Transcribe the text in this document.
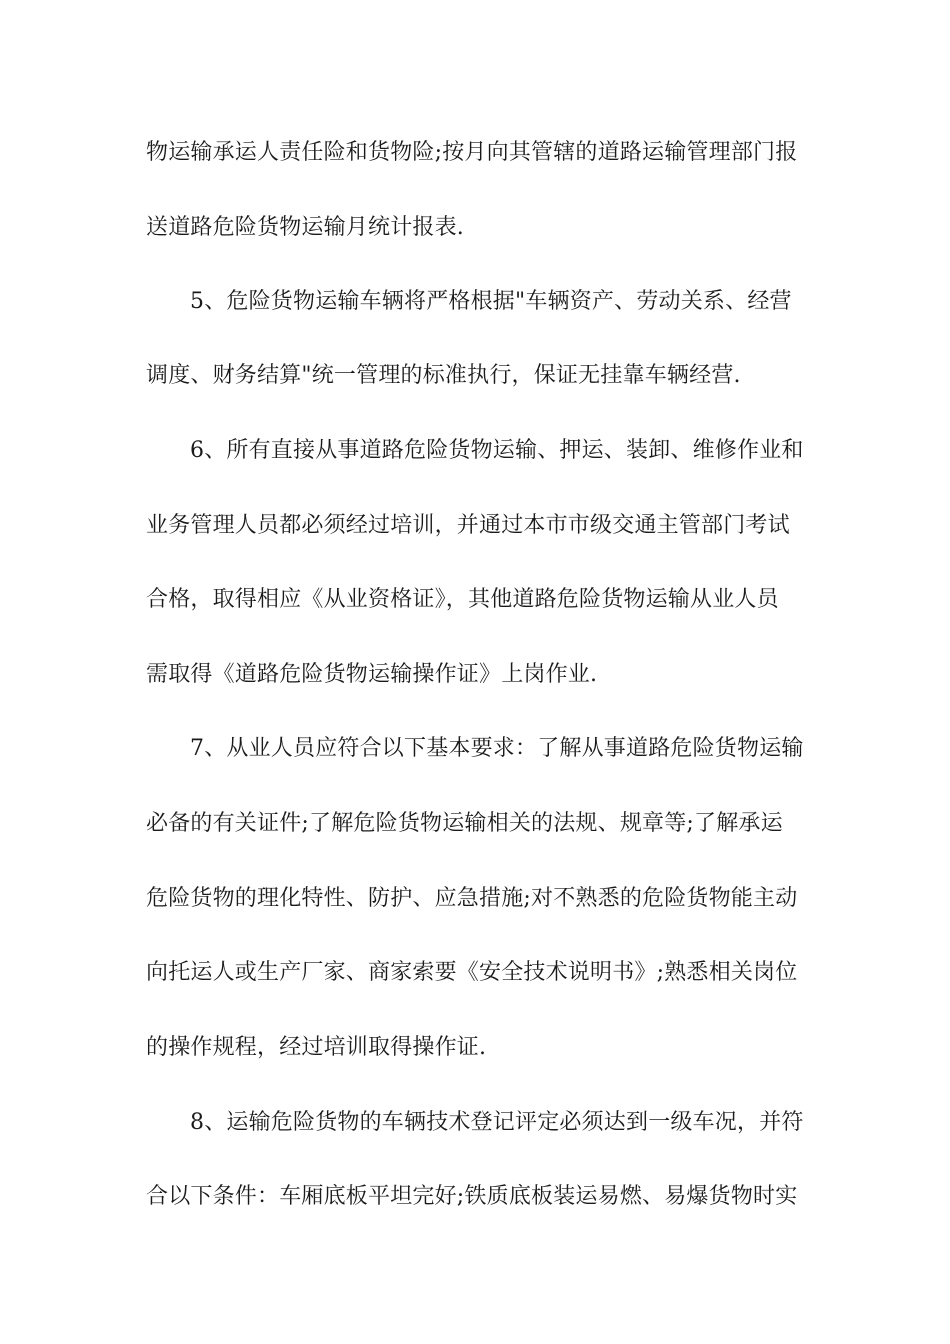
物运输承运人责任险和货物险;按月向其管辖的道路运输管理部门报
送道路危险货物运输月统计报表.
5、危险货物运输车辆将严格根据"车辆资产、劳动关系、经营
调度、财务结算"统一管理的标准执行，保证无挂靠车辆经营.
6、所有直接从事道路危险货物运输、押运、装卸、维修作业和
业务管理人员都必须经过培训，并通过本市市级交通主管部门考试
合格，取得相应《从业资格证》，其他道路危险货物运输从业人员
需取得《道路危险货物运输操作证》上岗作业.
7、从业人员应符合以下基本要求：了解从事道路危险货物运输
必备的有关证件;了解危险货物运输相关的法规、规章等;了解承运
危险货物的理化特性、防护、应急措施;对不熟悉的危险货物能主动
向托运人或生产厂家、商家索要《安全技术说明书》;熟悉相关岗位
的操作规程，经过培训取得操作证.
8、运输危险货物的车辆技术登记评定必须达到一级车况，并符
合以下条件：车厢底板平坦完好;铁质底板装运易燃、易爆货物时实
